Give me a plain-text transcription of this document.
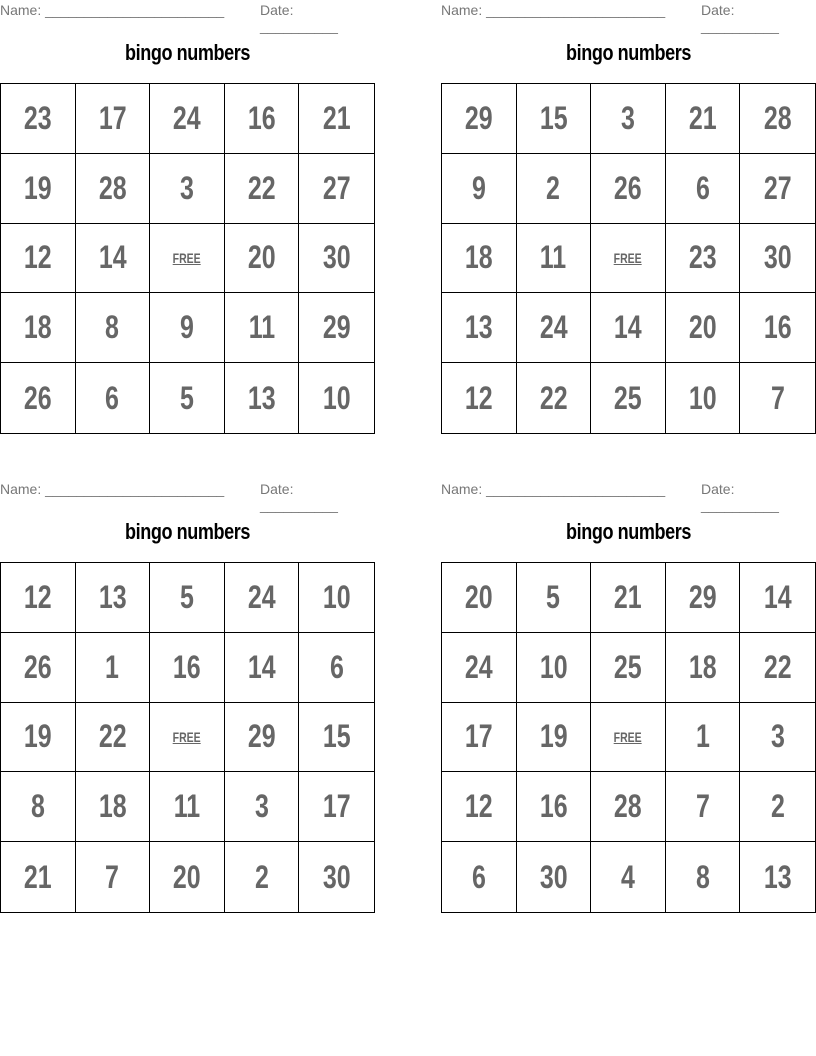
Name: _______________________	Date: __________
bingo numbers
23 17 24 16 21
19 28 3 22 27
12 14	FREE 20 30
18 8 9 11 29
26 6 5 13 10
Name: _______________________	Date: __________
bingo numbers
29 15 3 21 28
9 2 26 6 27
18 11	FREE 23 30
13 24 14 20 16
12 22 25 10 7
Name: _______________________	Date: __________
bingo numbers
12 13 5 24 10
26 1 16 14 6
19 22	FREE 29 15
8 18 11 3 17
21 7 20 2 30
Name: _______________________	Date: __________
bingo numbers
20 5 21 29 14
24 10 25 18 22
17 19	FREE 1 3
12 16 28 7 2
6 30 4 8 13
